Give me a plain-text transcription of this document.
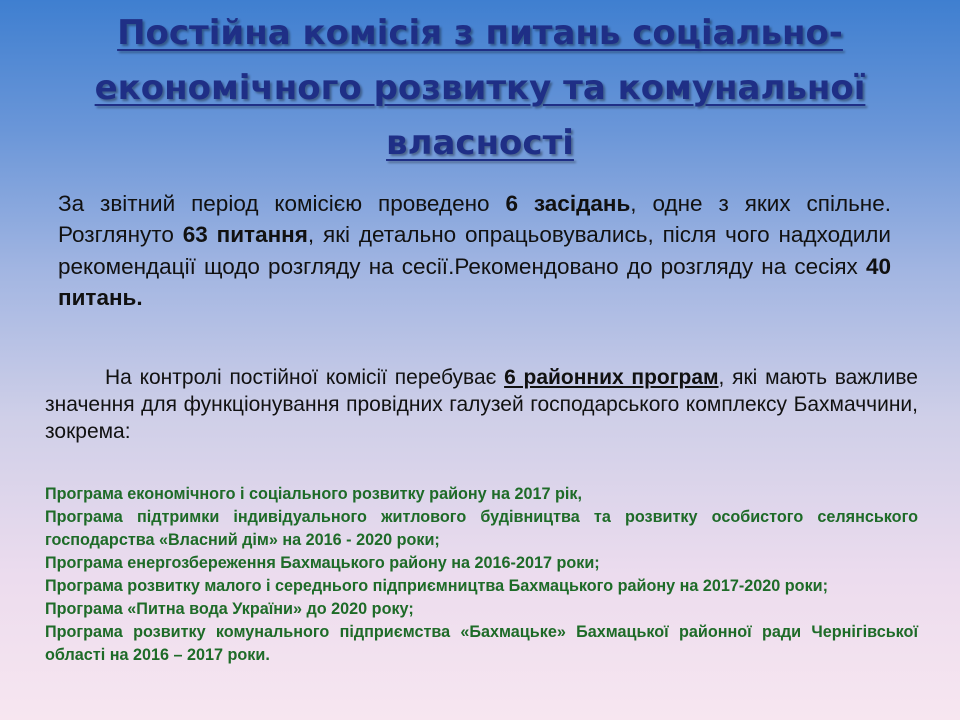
Постійна комісія з питань соціально-економічного розвитку та комунальної власності

За звітний період комісією проведено 6 засідань, одне з яких спільне. Розглянуто 63 питання, які детально опрацьовувались, після чого надходили рекомендації щодо розгляду на сесії.Рекомендовано до розгляду на сесіях 40 питань.

На контролі постійної комісії перебуває 6 районних програм, які мають важливе значення для функціонування провідних галузей господарського комплексу Бахмаччини, зокрема:

Програма економічного і соціального розвитку району на 2017 рік,
Програма підтримки індивідуального житлового будівництва та розвитку особистого селянського господарства «Власний дім» на 2016 - 2020 роки;
Програма енергозбереження Бахмацького району на 2016-2017 роки;
Програма розвитку малого і середнього підприємництва Бахмацького району на 2017-2020 роки;
Програма «Питна вода України» до 2020 року;
Програма розвитку комунального підприємства «Бахмацьке» Бахмацької районної ради Чернігівської області на 2016 – 2017 роки.
